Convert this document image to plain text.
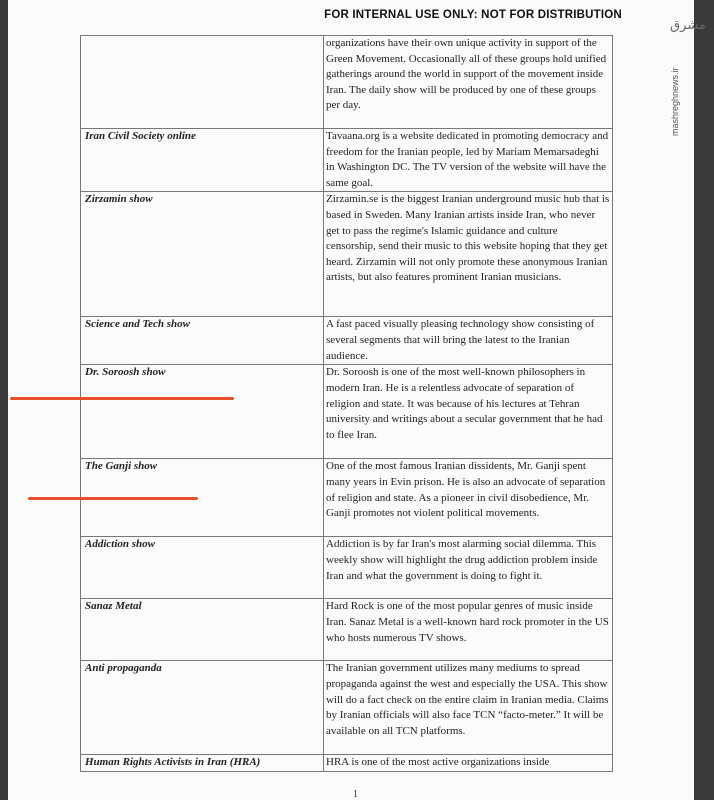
FOR INTERNAL USE ONLY: NOT FOR DISTRIBUTION
مشرق
mashreghnews.ir
	organizations have their own unique activity in support of the Green Movement. Occasionally all of these groups hold unified gatherings around the world in support of the movement inside Iran. The daily show will be produced by one of these groups per day.
Iran Civil Society online	Tavaana.org is a website dedicated in promoting democracy and freedom for the Iranian people, led by Mariam Memarsadeghi in Washington DC. The TV version of the website will have the same goal.
Zirzamin show	Zirzamin.se is the biggest Iranian underground music hub that is based in Sweden. Many Iranian artists inside Iran, who never get to pass the regime's Islamic guidance and culture censorship, send their music to this website hoping that they get heard. Zirzamin will not only promote these anonymous Iranian artists, but also features prominent Iranian musicians.
Science and Tech show	A fast paced visually pleasing technology show consisting of several segments that will bring the latest to the Iranian audience.
Dr. Soroosh show	Dr. Soroosh is one of the most well-known philosophers in modern Iran. He is a relentless advocate of separation of religion and state. It was because of his lectures at Tehran university and writings about a secular government that he had to flee Iran.
The Ganji show	One of the most famous Iranian dissidents, Mr. Ganji spent many years in Evin prison. He is also an advocate of separation of religion and state. As a pioneer in civil disobedience, Mr. Ganji promotes not violent political movements.
Addiction show	Addiction is by far Iran's most alarming social dilemma. This weekly show will highlight the drug addiction problem inside Iran and what the government is doing to fight it.
Sanaz Metal	Hard Rock is one of the most popular genres of music inside Iran. Sanaz Metal is a well-known hard rock promoter in the US who hosts numerous TV shows.
Anti propaganda	The Iranian government utilizes many mediums to spread propaganda against the west and especially the USA. This show will do a fact check on the entire claim in Iranian media. Claims by Iranian officials will also face TCN “facto-meter.” It will be available on all TCN platforms.
Human Rights Activists in Iran (HRA)	HRA is one of the most active organizations inside
1
